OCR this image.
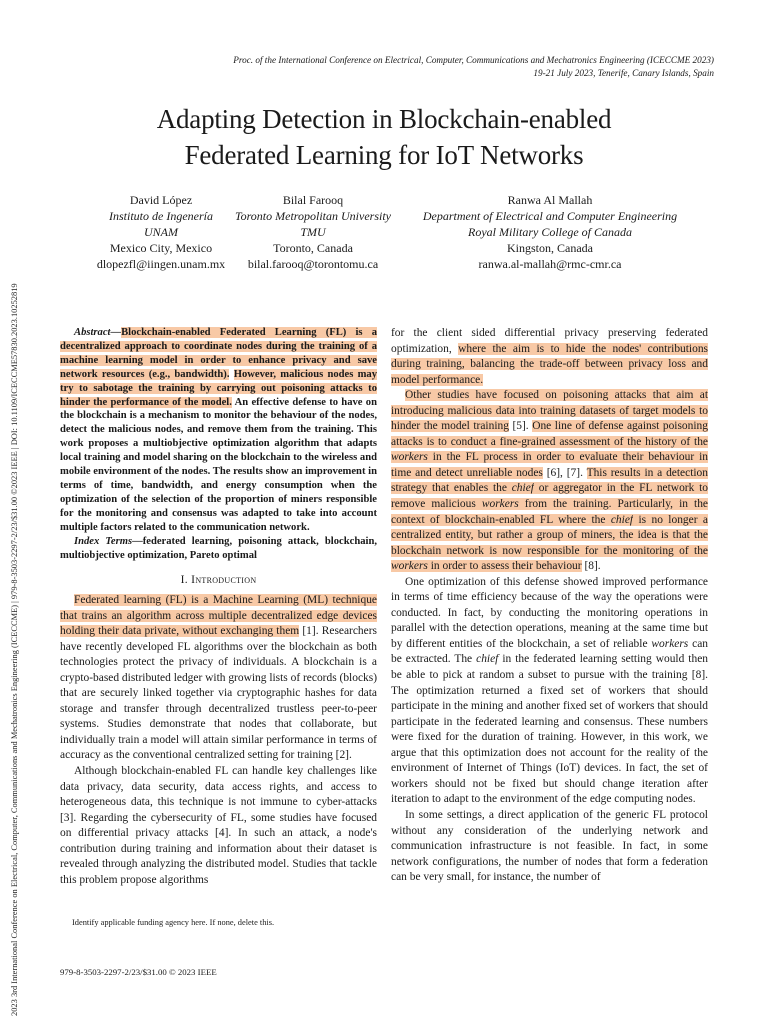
2023 3rd International Conference on Electrical, Computer, Communications and Mechatronics Engineering (ICECCME) | 979-8-3503-2297-2/23/$31.00 ©2023 IEEE | DOI: 10.1109/ICECCME57830.2023.10252819
Proc. of the International Conference on Electrical, Computer, Communications and Mechatronics Engineering (ICECCME 2023)
19-21 July 2023, Tenerife, Canary Islands, Spain
Adapting Detection in Blockchain-enabled
Federated Learning for IoT Networks
David López
Instituto de Ingenería
UNAM
Mexico City, Mexico
dlopezfl@iingen.unam.mx
Bilal Farooq
Toronto Metropolitan University
TMU
Toronto, Canada
bilal.farooq@torontomu.ca
Ranwa Al Mallah
Department of Electrical and Computer Engineering
Royal Military College of Canada
Kingston, Canada
ranwa.al-mallah@rmc-cmr.ca

Abstract—Blockchain-enabled Federated Learning (FL) is a decentralized approach to coordinate nodes during the training of a machine learning model in order to enhance privacy and save network resources (e.g., bandwidth). However, malicious nodes may try to sabotage the training by carrying out poisoning attacks to hinder the performance of the model. An effective defense to have on the blockchain is a mechanism to monitor the behaviour of the nodes, detect the malicious nodes, and remove them from the training. This work proposes a multiobjective optimization algorithm that adapts local training and model sharing on the blockchain to the wireless and mobile environment of the nodes. The results show an improvement in terms of time, bandwidth, and energy consumption when the optimization of the selection of the proportion of miners responsible for the monitoring and consensus was adapted to take into account multiple factors related to the communication network.

Index Terms—federated learning, poisoning attack, blockchain, multiobjective optimization, Pareto optimal

I. Introduction

Federated learning (FL) is a Machine Learning (ML) technique that trains an algorithm across multiple decentralized edge devices holding their data private, without exchanging them [1]. Researchers have recently developed FL algorithms over the blockchain as both technologies protect the privacy of individuals. A blockchain is a crypto-based distributed ledger with growing lists of records (blocks) that are securely linked together via cryptographic hashes for data storage and transfer through decentralized trustless peer-to-peer systems. Studies demonstrate that nodes that collaborate, but individually train a model will attain similar performance in terms of accuracy as the conventional centralized setting for training [2].

Although blockchain-enabled FL can handle key challenges like data privacy, data security, data access rights, and access to heterogeneous data, this technique is not immune to cyber-attacks [3]. Regarding the cybersecurity of FL, some studies have focused on differential privacy attacks [4]. In such an attack, a node's contribution during training and information about their dataset is revealed through analyzing the distributed model. Studies that tackle this problem propose algorithms

Identify applicable funding agency here. If none, delete this.
979-8-3503-2297-2/23/$31.00 © 2023 IEEE

for the client sided differential privacy preserving federated optimization, where the aim is to hide the nodes' contributions during training, balancing the trade-off between privacy loss and model performance.

Other studies have focused on poisoning attacks that aim at introducing malicious data into training datasets of target models to hinder the model training [5]. One line of defense against poisoning attacks is to conduct a fine-grained assessment of the history of the workers in the FL process in order to evaluate their behaviour in time and detect unreliable nodes [6], [7]. This results in a detection strategy that enables the chief or aggregator in the FL network to remove malicious workers from the training. Particularly, in the context of blockchain-enabled FL where the chief is no longer a centralized entity, but rather a group of miners, the idea is that the blockchain network is now responsible for the monitoring of the workers in order to assess their behaviour [8].

One optimization of this defense showed improved performance in terms of time efficiency because of the way the operations were conducted. In fact, by conducting the monitoring operations in parallel with the detection operations, meaning at the same time but by different entities of the blockchain, a set of reliable workers can be extracted. The chief in the federated learning setting would then be able to pick at random a subset to pursue with the training [8]. The optimization returned a fixed set of workers that should participate in the mining and another fixed set of workers that should participate in the federated learning and consensus. These numbers were fixed for the duration of training. However, in this work, we argue that this optimization does not account for the reality of the environment of Internet of Things (IoT) devices. In fact, the set of workers should not be fixed but should change iteration after iteration to adapt to the environment of the edge computing nodes.

In some settings, a direct application of the generic FL protocol without any consideration of the underlying network and communication infrastructure is not feasible. In fact, in some network configurations, the number of nodes that form a federation can be very small, for instance, the number of
